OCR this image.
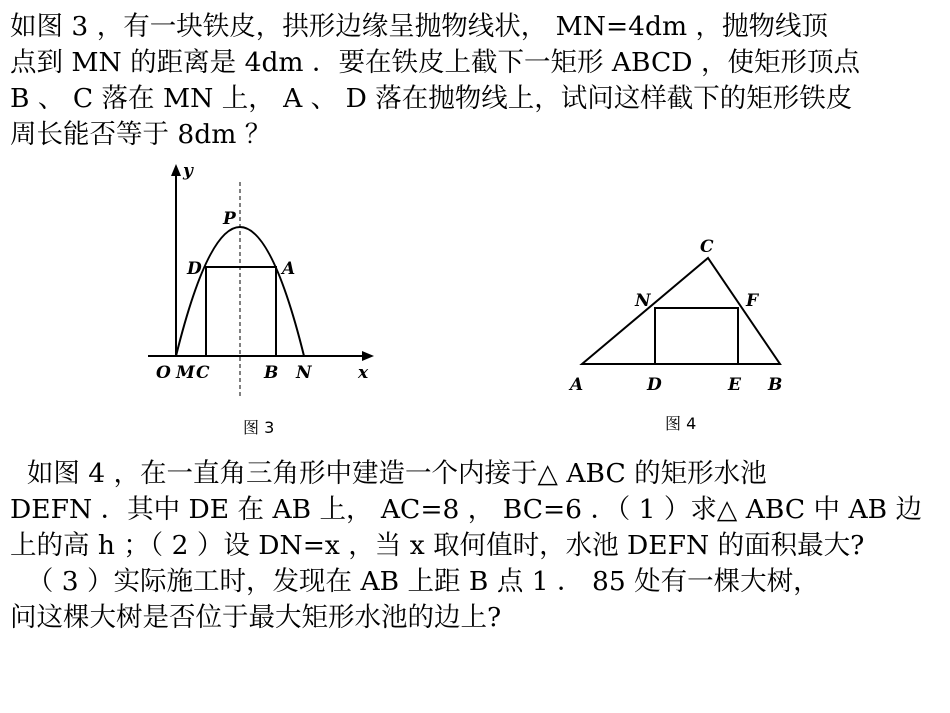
如图 3 ，有一块铁皮，拱形边缘呈抛物线状， MN=4dm ，抛物线顶
点到 MN 的距离是 4dm ．要在铁皮上截下一矩形 ABCD ，使矩形顶点
B 、 C 落在 MN 上， A 、 D 落在抛物线上，试问这样截下的矩形铁皮
周长能否等于 8dm ？
y
P
D	A
O M C	B N	x
图 3
C
N	F
A	D	E B
图 4
如图 4 ，在一直角三角形中建造一个内接于△ ABC 的矩形水池
DEFN ．其中 DE 在 AB 上， AC=8 ， BC=6 ．（ 1 ）求△ ABC 中 AB 边
上的高 h ；（ 2 ）设 DN=x ，当 x 取何值时，水池 DEFN 的面积最大?
（ 3 ）实际施工时，发现在 AB 上距 B 点 1 ． 85 处有一棵大树，
问这棵大树是否位于最大矩形水池的边上?
